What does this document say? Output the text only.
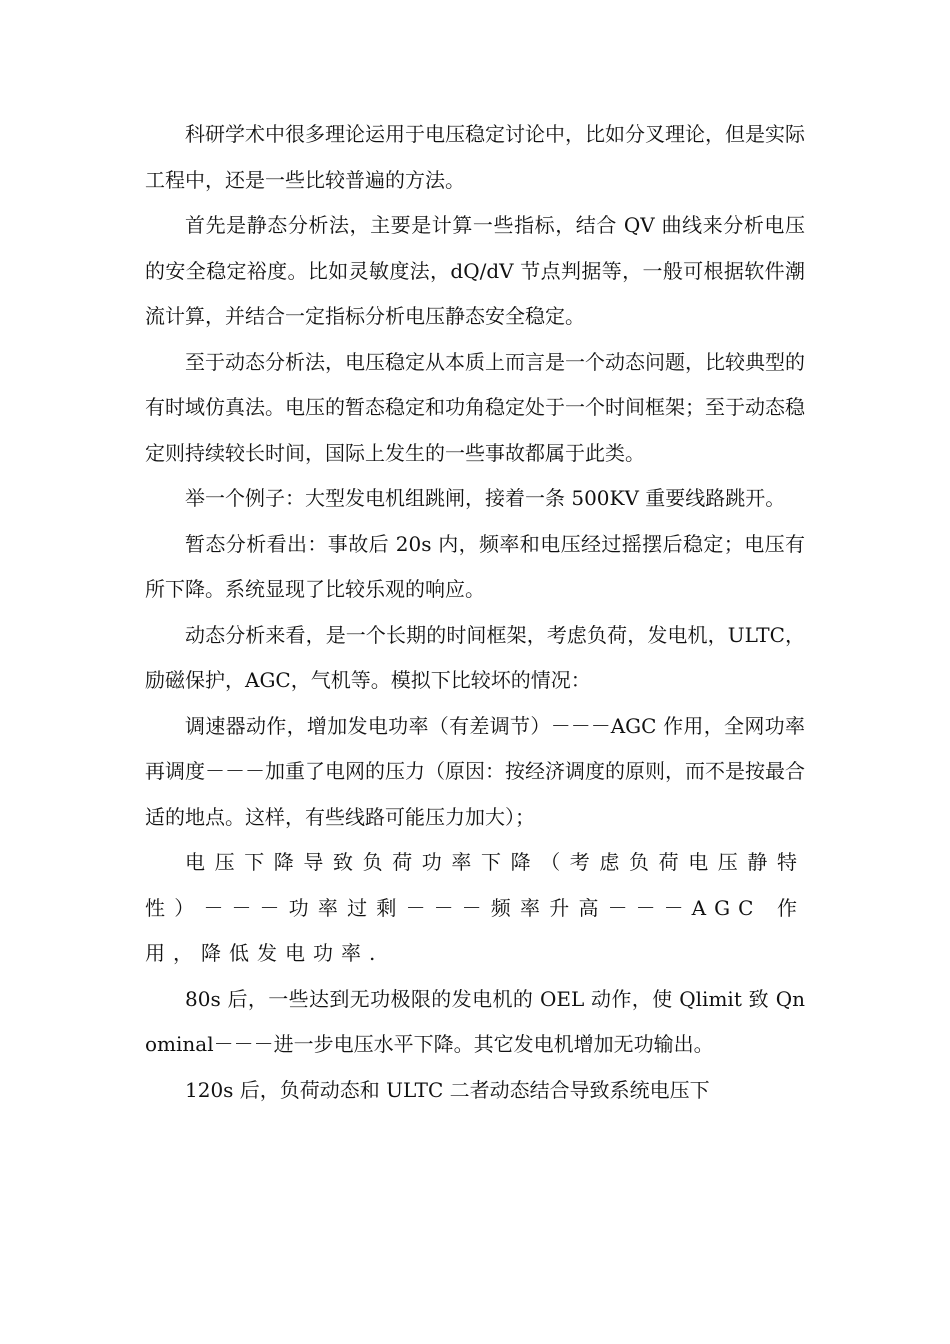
科研学术中很多理论运用于电压稳定讨论中，比如分叉理论，但是实际工程中，还是一些比较普遍的方法。

首先是静态分析法，主要是计算一些指标，结合 QV 曲线来分析电压的安全稳定裕度。比如灵敏度法，dQ/dV 节点判据等，一般可根据软件潮流计算，并结合一定指标分析电压静态安全稳定。

至于动态分析法，电压稳定从本质上而言是一个动态问题，比较典型的有时域仿真法。电压的暂态稳定和功角稳定处于一个时间框架；至于动态稳定则持续较长时间，国际上发生的一些事故都属于此类。

举一个例子：大型发电机组跳闸，接着一条 500KV 重要线路跳开。

暂态分析看出：事故后 20s 内，频率和电压经过摇摆后稳定；电压有所下降。系统显现了比较乐观的响应。

动态分析来看，是一个长期的时间框架，考虑负荷，发电机，ULTC，励磁保护，AGC，气机等。模拟下比较坏的情况：

调速器动作，增加发电功率（有差调节）－－－AGC 作用，全网功率再调度－－－加重了电网的压力（原因：按经济调度的原则，而不是按最合适的地点。这样，有些线路可能压力加大）；

电压下降导致负荷功率下降（考虑负荷电压静特性）－－－功率过剩－－－频率升高－－－AGC 作用，降低发电功率.

80s 后，一些达到无功极限的发电机的 OEL 动作，使 Qlimit 致 Qnominal－－－进一步电压水平下降。其它发电机增加无功输出。

120s 后，负荷动态和 ULTC 二者动态结合导致系统电压下
